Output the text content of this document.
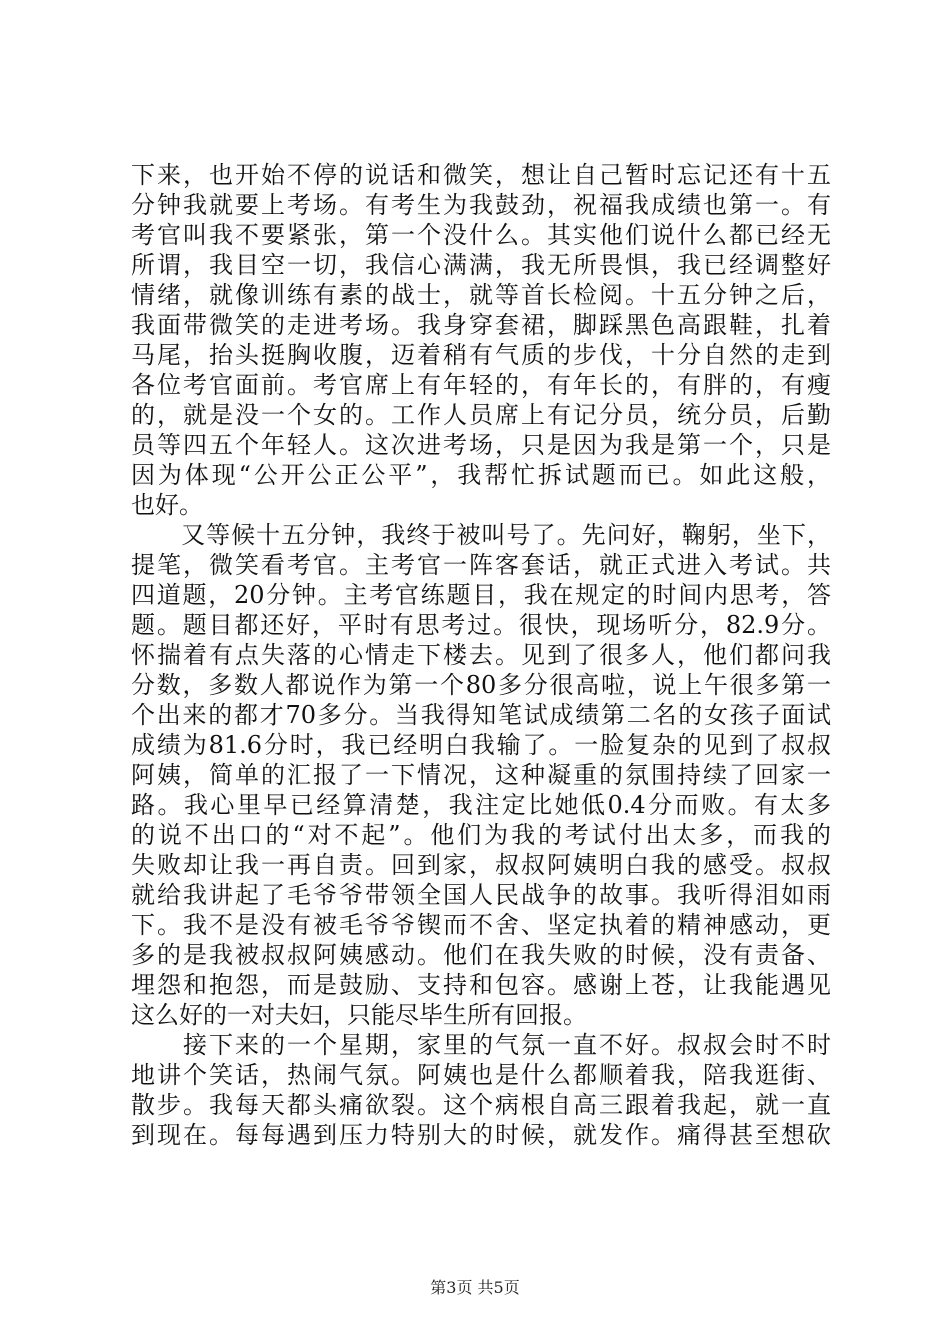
下来，也开始不停的说话和微笑，想让自己暂时忘记还有十五
分钟我就要上考场。有考生为我鼓劲，祝福我成绩也第一。有
考官叫我不要紧张，第一个没什么。其实他们说什么都已经无
所谓，我目空一切，我信心满满，我无所畏惧，我已经调整好
情绪，就像训练有素的战士，就等首长检阅。十五分钟之后，
我面带微笑的走进考场。我身穿套裙，脚踩黑色高跟鞋，扎着
马尾，抬头挺胸收腹，迈着稍有气质的步伐，十分自然的走到
各位考官面前。考官席上有年轻的，有年长的，有胖的，有瘦
的，就是没一个女的。工作人员席上有记分员，统分员，后勤
员等四五个年轻人。这次进考场，只是因为我是第一个，只是
因为体现“公开公正公平”，我帮忙拆试题而已。如此这般，
也好。
　　又等候十五分钟，我终于被叫号了。先问好，鞠躬，坐下，
提笔，微笑看考官。主考官一阵客套话，就正式进入考试。共
四道题，20分钟。主考官练题目，我在规定的时间内思考，答
题。题目都还好，平时有思考过。很快，现场听分，82.9分。
怀揣着有点失落的心情走下楼去。见到了很多人，他们都问我
分数，多数人都说作为第一个80多分很高啦，说上午很多第一
个出来的都才70多分。当我得知笔试成绩第二名的女孩子面试
成绩为81.6分时，我已经明白我输了。一脸复杂的见到了叔叔
阿姨，简单的汇报了一下情况，这种凝重的氛围持续了回家一
路。我心里早已经算清楚，我注定比她低0.4分而败。有太多
的说不出口的“对不起”。他们为我的考试付出太多，而我的
失败却让我一再自责。回到家，叔叔阿姨明白我的感受。叔叔
就给我讲起了毛爷爷带领全国人民战争的故事。我听得泪如雨
下。我不是没有被毛爷爷锲而不舍、坚定执着的精神感动，更
多的是我被叔叔阿姨感动。他们在我失败的时候，没有责备、
埋怨和抱怨，而是鼓励、支持和包容。感谢上苍，让我能遇见
这么好的一对夫妇，只能尽毕生所有回报。
　　接下来的一个星期，家里的气氛一直不好。叔叔会时不时
地讲个笑话，热闹气氛。阿姨也是什么都顺着我，陪我逛街、
散步。我每天都头痛欲裂。这个病根自高三跟着我起，就一直
到现在。每每遇到压力特别大的时候，就发作。痛得甚至想砍
第3页 共5页
